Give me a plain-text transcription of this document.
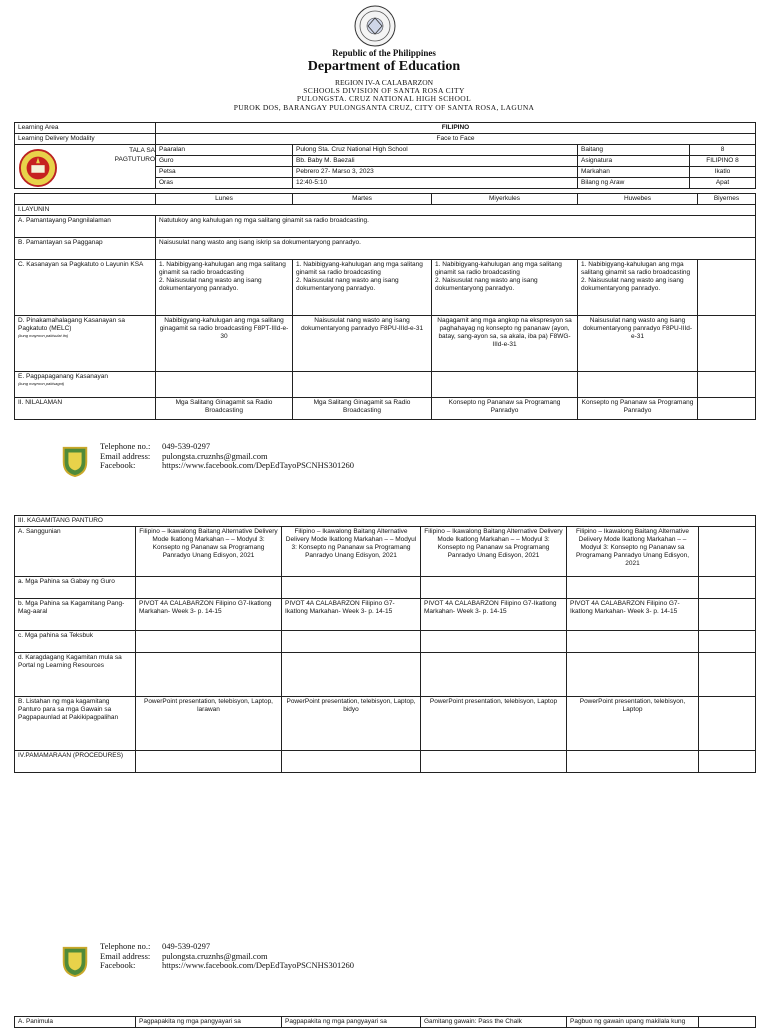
Republic of the Philippines
Department of Education
REGION IV-A CALABARZON
SCHOOLS DIVISION OF SANTA ROSA CITY
PULONGSTA. CRUZ NATIONAL HIGH SCHOOL
PUROK DOS, BARANGAY PULONGSANTA CRUZ, CITY OF SANTA ROSA, LAGUNA
Learning Area	FILIPINO					
Learning Delivery Modality	Face to Face					

TALA SA PAGTUTURO	Paaralan	Pulong Sta. Cruz National High School		Baitang	8	
	Guro	Bb. Baby M. Baezali		Asignatura	FILIPINO 8	
	Petsa	Pebrero 27- Marso 3, 2023		Markahan	Ikatlo	
	Oras	12:40-5:10		Bilang ng Araw	Apat	

	Lunes	Martes	Miyerkules	Huwebes		Biyernes
I.LAYUNIN						
A. Pamantayang Pangnilalaman	Natutukoy ang kahulugan ng mga salitang ginamit sa radio broadcasting.					
B. Pamantayan sa Pagganap	Naisusulat nang wasto ang isang iskrip sa dokumentaryong panradyo.					
C. Kasanayan sa Pagkatuto o Layunin KSA	1. Nabibigyang-kahulugan ang mga salitang ginamit sa radio broadcasting
2. Naisusulat nang wasto ang isang dokumentaryong panradyo.	1. Nabibigyang-kahulugan ang mga salitang ginamit sa radio broadcasting
2. Naisusulat nang wasto ang isang dokumentaryong panradyo.	1. Nabibigyang-kahulugan ang mga salitang ginamit sa radio broadcasting
2. Naisusulat nang wasto ang isang dokumentaryong panradyo.	1. Nabibigyang-kahulugan ang mga salitang ginamit sa radio broadcasting
2. Naisusulat nang wasto ang isang dokumentaryong panradyo.		
D. Pinakamahalagang Kasanayan sa Pagkatuto (MELC)
(kung mayroon pakisulat ito)	Nabibigyang-kahulugan ang mga salitang ginagamit sa radio broadcasting F8PT-IIId-e-30	Naisusulat nang wasto ang isang dokumentaryong panradyo F8PU-IIId-e-31	Nagagamit ang mga angkop na ekspresyon sa paghahayag ng konsepto ng pananaw (ayon, batay, sang-ayon sa, sa akala, iba pa) F8WG-IIId-e-31	Naisusulat nang wasto ang isang dokumentaryong panradyo F8PU-IIId-e-31		
E. Pagpapaganang Kasanayan
(kung mayroon pakisagot)						

II. NILALAMAN	Mga Salitang Ginagamit sa Radio Broadcasting	Mga Salitang Ginagamit sa Radio Broadcasting	Konsepto ng Pananaw sa Programang Panradyo	Konsepto ng Pananaw sa Programang Panradyo		
Telephone no.:	049-539-0297
Email address:	pulongsta.cruznhs@gmail.com
Facebook:	https://www.facebook.com/DepEdTayoPSCNHS301260
III. KAGAMITANG PANTURO					
A. Sanggunian	Filipino – Ikawalong Baitang Alternative Delivery Mode Ikatlong Markahan – – Modyul 3: Konsepto ng Pananaw sa Programang Panradyo Unang Edisyon, 2021	Filipino – Ikawalong Baitang Alternative Delivery Mode Ikatlong Markahan – – Modyul 3: Konsepto ng Pananaw sa Programang Panradyo Unang Edisyon, 2021	Filipino – Ikawalong Baitang Alternative Delivery Mode Ikatlong Markahan – – Modyul 3: Konsepto ng Pananaw sa Programang Panradyo Unang Edisyon, 2021	Filipino – Ikawalong Baitang Alternative Delivery Mode Ikatlong Markahan – – Modyul 3: Konsepto ng Pananaw sa Programang Panradyo Unang Edisyon, 2021	
a. Mga Pahina sa Gabay ng Guro					
b. Mga Pahina sa Kagamitang Pang-Mag-aaral	PIVOT 4A CALABARZON Filipino G7-Ikatlong Markahan- Week 3- p. 14-15	PIVOT 4A CALABARZON Filipino G7-Ikatlong Markahan- Week 3- p. 14-15	PIVOT 4A CALABARZON Filipino G7-Ikatlong Markahan- Week 3- p. 14-15	PIVOT 4A CALABARZON Filipino G7-Ikatlong Markahan- Week 3- p. 14-15	
c. Mga pahina sa Teksbuk					
d. Karagdagang Kagamitan mula sa Portal ng Learning Resources					
B. Listahan ng mga kagamitang Panturo para sa mga Gawain sa Pagpapaunlad at Pakikipagpalihan	PowerPoint presentation, telebisyon, Laptop, larawan	PowerPoint presentation, telebisyon, Laptop, bidyo	PowerPoint presentation, telebisyon, Laptop	PowerPoint presentation, telebisyon, Laptop	
IV.PAMAMARAAN (PROCEDURES)					
Telephone no.:	049-539-0297
Email address:	pulongsta.cruznhs@gmail.com
Facebook:	https://www.facebook.com/DepEdTayoPSCNHS301260
A. Panimula	Pagpapakita ng mga pangyayari sa	Pagpapakita ng mga pangyayari sa	Gamitang gawain: Pass the Chalk	Pagbuo ng gawain upang makilala kung	
